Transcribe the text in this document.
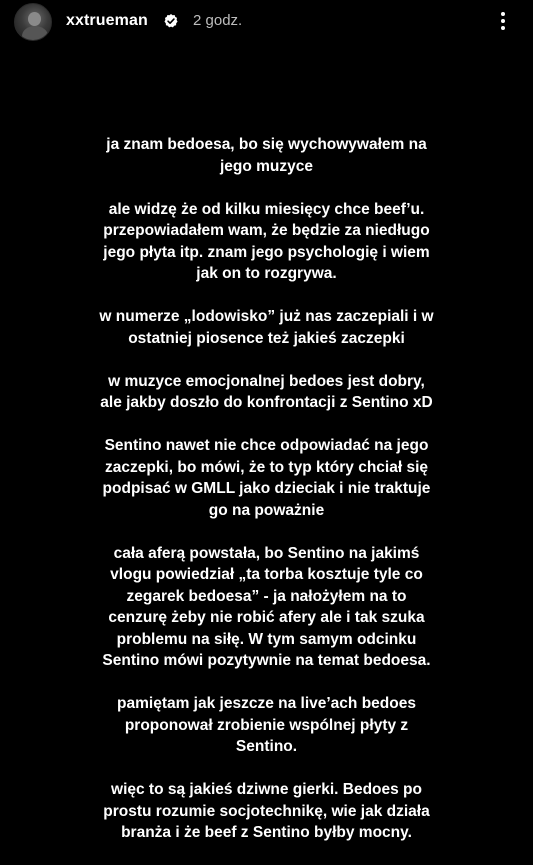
xxtrueman	2 godz.

ja znam bedoesa, bo się wychowywałem na
jego muzyce

ale widzę że od kilku miesięcy chce beef’u.
przepowiadałem wam, że będzie za niedługo
jego płyta itp. znam jego psychologię i wiem
jak on to rozgrywa.

w numerze „lodowisko” już nas zaczepiali i w
ostatniej piosence też jakieś zaczepki

w muzyce emocjonalnej bedoes jest dobry,
ale jakby doszło do konfrontacji z Sentino xD

Sentino nawet nie chce odpowiadać na jego
zaczepki, bo mówi, że to typ który chciał się
podpisać w GMLL jako dzieciak i nie traktuje
go na poważnie

cała aferą powstała, bo Sentino na jakimś
vlogu powiedział „ta torba kosztuje tyle co
zegarek bedoesa” - ja nałożyłem na to
cenzurę żeby nie robić afery ale i tak szuka
problemu na siłę. W tym samym odcinku
Sentino mówi pozytywnie na temat bedoesa.

pamiętam jak jeszcze na live’ach bedoes
proponował zrobienie wspólnej płyty z
Sentino.

więc to są jakieś dziwne gierki. Bedoes po
prostu rozumie socjotechnikę, wie jak działa
branża i że beef z Sentino byłby mocny.
